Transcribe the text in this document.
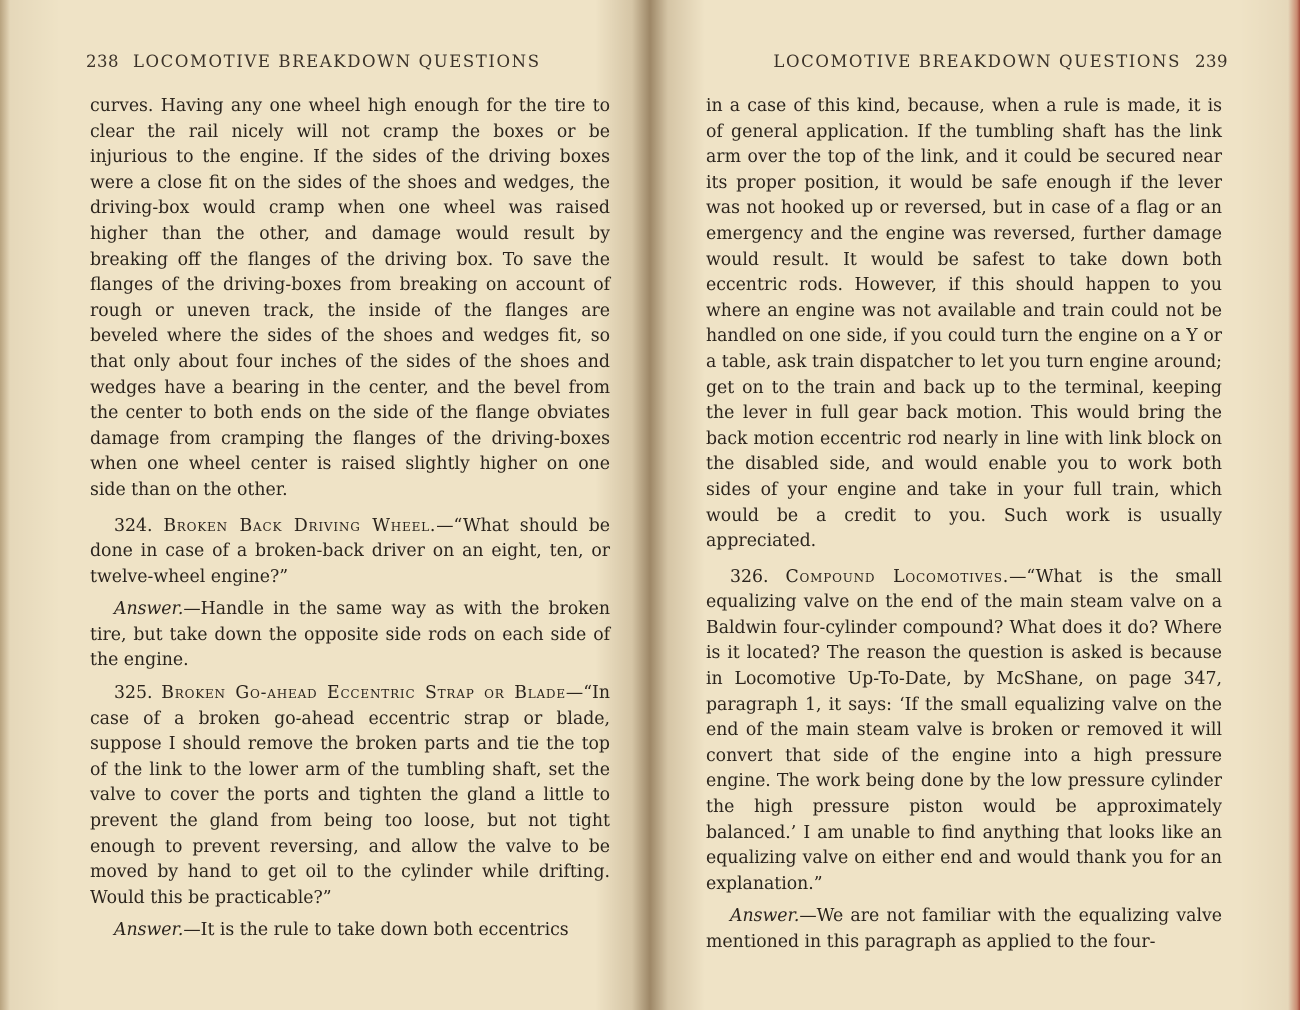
238 LOCOMOTIVE BREAKDOWN QUESTIONS

curves. Having any one wheel high enough for the tire to clear the rail nicely will not cramp the boxes or be injurious to the engine. If the sides of the driving boxes were a close fit on the sides of the shoes and wedges, the driving-box would cramp when one wheel was raised higher than the other, and damage would result by breaking off the flanges of the driving box. To save the flanges of the driving-boxes from breaking on account of rough or uneven track, the inside of the flanges are beveled where the sides of the shoes and wedges fit, so that only about four inches of the sides of the shoes and wedges have a bearing in the center, and the bevel from the center to both ends on the side of the flange obviates damage from cramping the flanges of the driving-boxes when one wheel center is raised slightly higher on one side than on the other.

324. Broken Back Driving Wheel.—“What should be done in case of a broken-back driver on an eight, ten, or twelve-wheel engine?”

Answer.—Handle in the same way as with the broken tire, but take down the opposite side rods on each side of the engine.

325. Broken Go-ahead Eccentric Strap or Blade—“In case of a broken go-ahead eccentric strap or blade, suppose I should remove the broken parts and tie the top of the link to the lower arm of the tumbling shaft, set the valve to cover the ports and tighten the gland a little to prevent the gland from being too loose, but not tight enough to prevent reversing, and allow the valve to be moved by hand to get oil to the cylinder while drifting. Would this be practicable?”

Answer.—It is the rule to take down both eccentrics

LOCOMOTIVE BREAKDOWN QUESTIONS 239

in a case of this kind, because, when a rule is made, it is of general application. If the tumbling shaft has the link arm over the top of the link, and it could be secured near its proper position, it would be safe enough if the lever was not hooked up or reversed, but in case of a flag or an emergency and the engine was reversed, further damage would result. It would be safest to take down both eccentric rods. However, if this should happen to you where an engine was not available and train could not be handled on one side, if you could turn the engine on a Y or a table, ask train dispatcher to let you turn engine around; get on to the train and back up to the terminal, keeping the lever in full gear back motion. This would bring the back motion eccentric rod nearly in line with link block on the disabled side, and would enable you to work both sides of your engine and take in your full train, which would be a credit to you. Such work is usually appreciated.

326. Compound Locomotives.—“What is the small equalizing valve on the end of the main steam valve on a Baldwin four-cylinder compound? What does it do? Where is it located? The reason the question is asked is because in Locomotive Up-To-Date, by McShane, on page 347, paragraph 1, it says: ‘If the small equalizing valve on the end of the main steam valve is broken or removed it will convert that side of the engine into a high pressure engine. The work being done by the low pressure cylinder the high pressure piston would be approximately balanced.’ I am unable to find anything that looks like an equalizing valve on either end and would thank you for an explanation.”

Answer.—We are not familiar with the equalizing valve mentioned in this paragraph as applied to the four-
